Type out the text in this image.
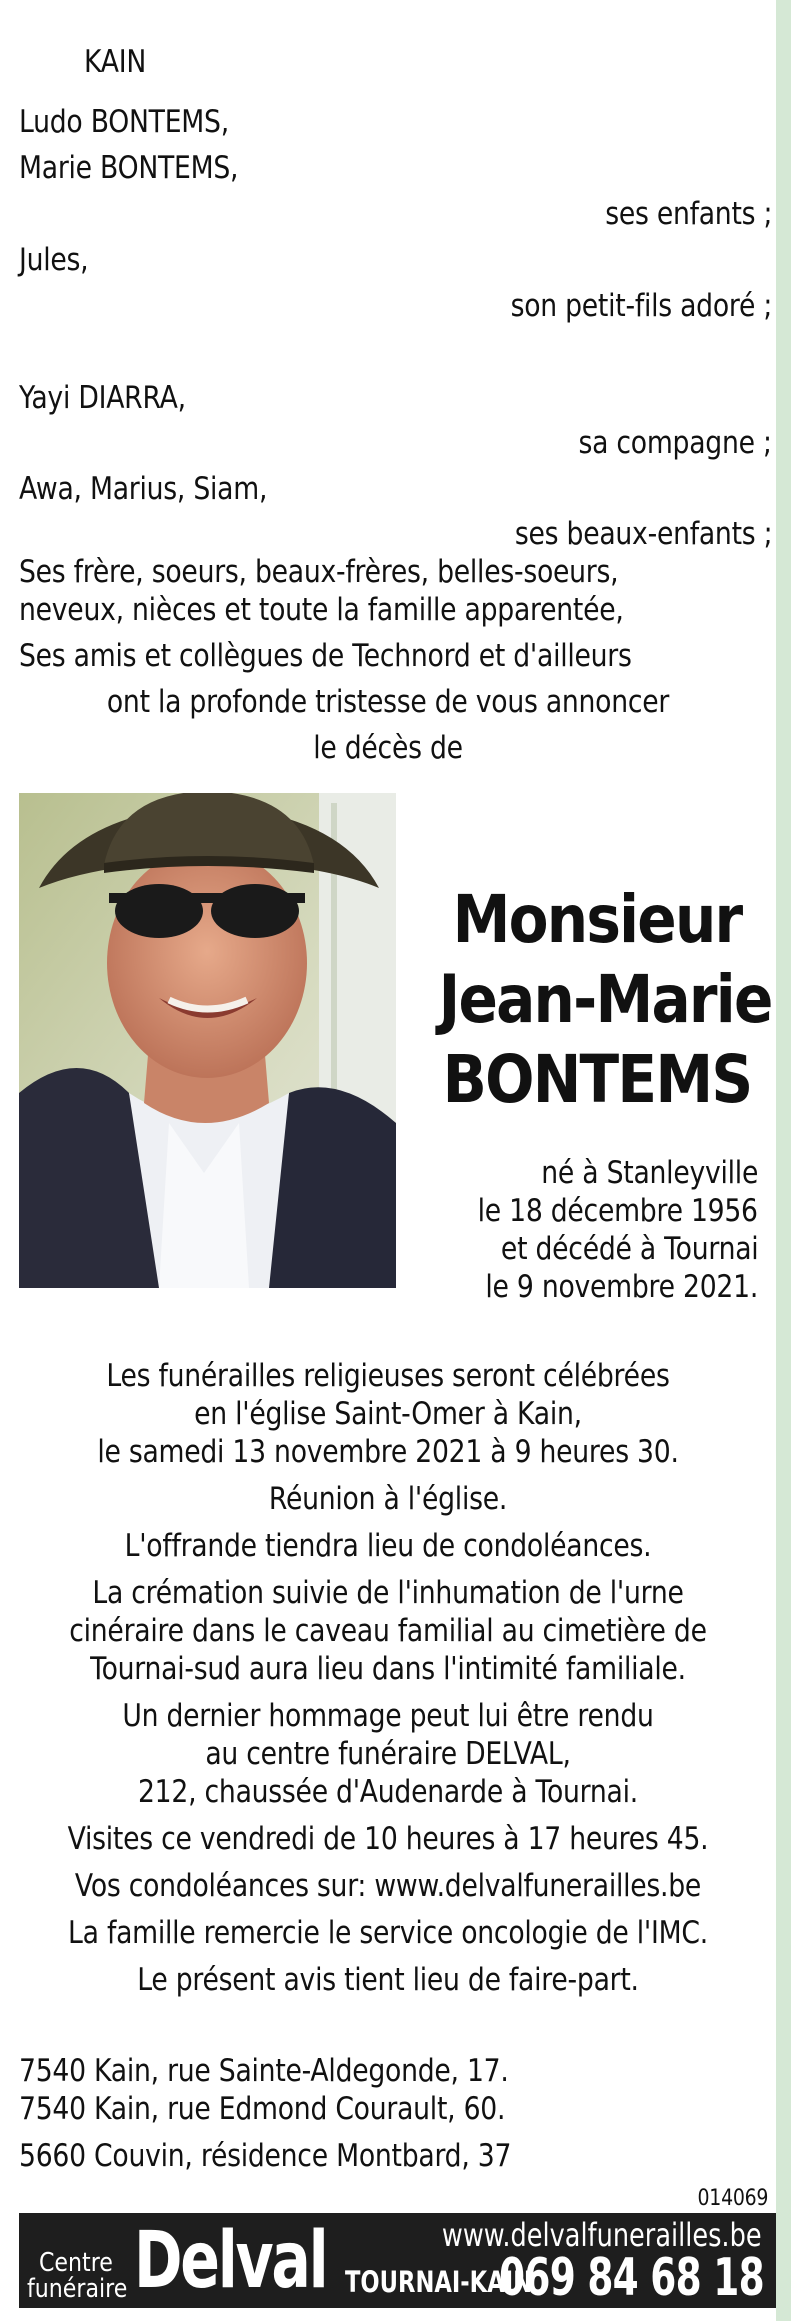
KAIN
Ludo BONTEMS,
Marie BONTEMS,
ses enfants ;
Jules,
son petit-fils adoré ;
Yayi DIARRA,
sa compagne ;
Awa, Marius, Siam,
ses beaux-enfants ;
Ses frère, soeurs, beaux-frères, belles-soeurs,
neveux, nièces et toute la famille apparentée,
Ses amis et collègues de Technord et d'ailleurs
ont la profonde tristesse de vous annoncer
le décès de
Monsieur
Jean-Marie
BONTEMS
né à Stanleyville
le 18 décembre 1956
et décédé à Tournai
le 9 novembre 2021.
Les funérailles religieuses seront célébrées
en l'église Saint-Omer à Kain,
le samedi 13 novembre 2021 à 9 heures 30.
Réunion à l'église.
L'offrande tiendra lieu de condoléances.
La crémation suivie de l'inhumation de l'urne
cinéraire dans le caveau familial au cimetière de
Tournai-sud aura lieu dans l'intimité familiale.
Un dernier hommage peut lui être rendu
au centre funéraire DELVAL,
212, chaussée d'Audenarde à Tournai.
Visites ce vendredi de 10 heures à 17 heures 45.
Vos condoléances sur: www.delvalfunerailles.be
La famille remercie le service oncologie de l'IMC.
Le présent avis tient lieu de faire-part.
7540 Kain, rue Sainte-Aldegonde, 17.
7540 Kain, rue Edmond Courault, 60.
5660 Couvin, résidence Montbard, 37
014069
Centre
funéraire Delval	www.delvalfunerailles.be
TOURNAI-KAIN
069 84 68 18
